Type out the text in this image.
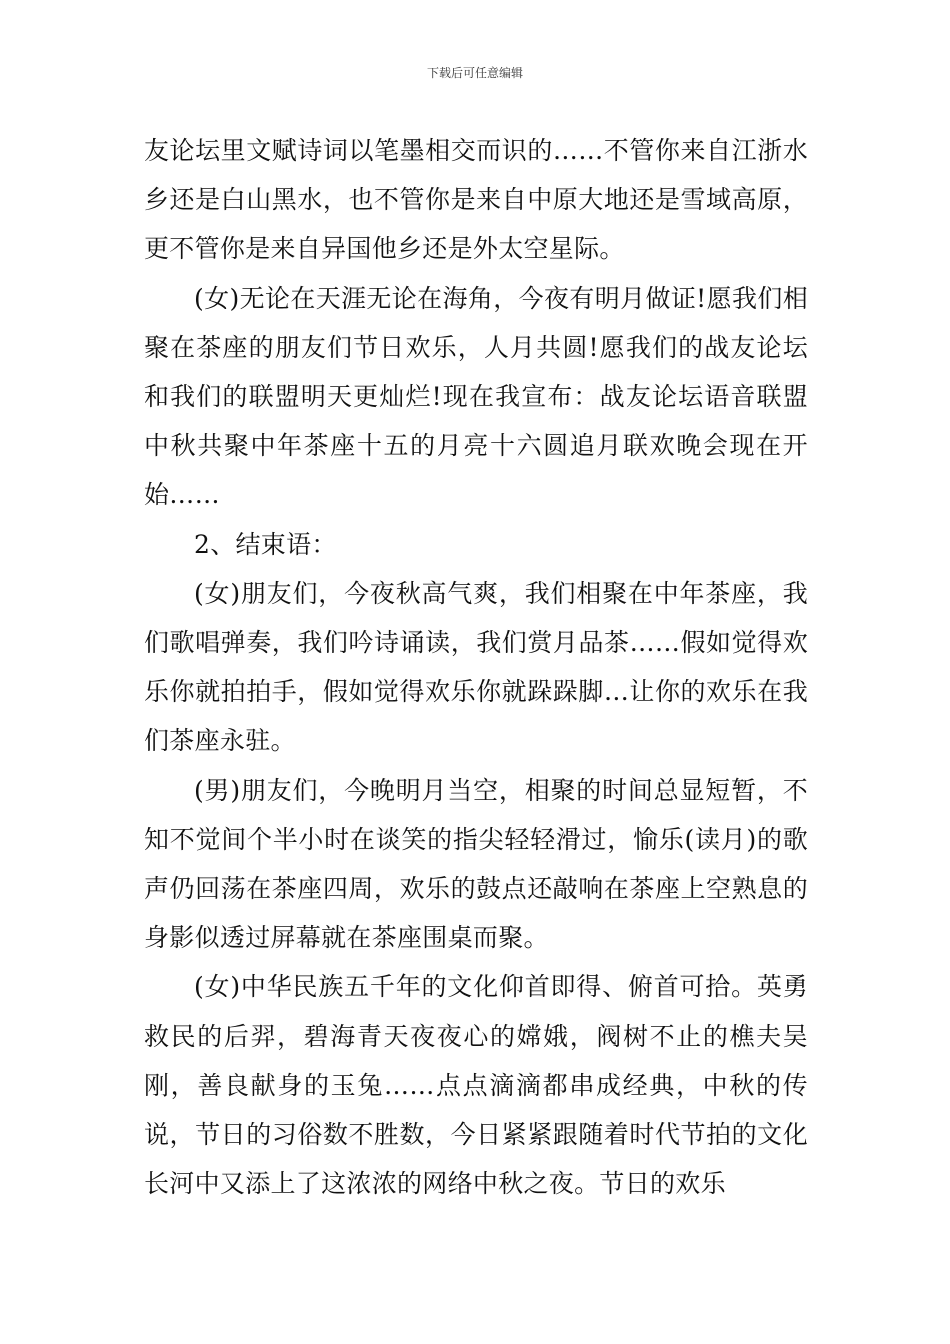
下载后可任意编辑

友论坛里文赋诗词以笔墨相交而识的……不管你来自江浙水乡还是白山黑水，也不管你是来自中原大地还是雪域高原，更不管你是来自异国他乡还是外太空星际。

(女)无论在天涯无论在海角，今夜有明月做证!愿我们相聚在茶座的朋友们节日欢乐，人月共圆!愿我们的战友论坛和我们的联盟明天更灿烂!现在我宣布：战友论坛语音联盟中秋共聚中年茶座十五的月亮十六圆追月联欢晚会现在开始……

2、结束语：

(女)朋友们，今夜秋高气爽，我们相聚在中年茶座，我们歌唱弹奏，我们吟诗诵读，我们赏月品茶……假如觉得欢乐你就拍拍手，假如觉得欢乐你就跺跺脚…让你的欢乐在我们茶座永驻。

(男)朋友们，今晚明月当空，相聚的时间总显短暂，不知不觉间个半小时在谈笑的指尖轻轻滑过，愉乐(读月)的歌声仍回荡在茶座四周，欢乐的鼓点还敲响在茶座上空熟息的身影似透过屏幕就在茶座围桌而聚。

(女)中华民族五千年的文化仰首即得、俯首可拾。英勇救民的后羿，碧海青天夜夜心的嫦娥，阀树不止的樵夫吴刚，善良献身的玉兔……点点滴滴都串成经典，中秋的传说，节日的习俗数不胜数，今日紧紧跟随着时代节拍的文化长河中又添上了这浓浓的网络中秋之夜。节日的欢乐
